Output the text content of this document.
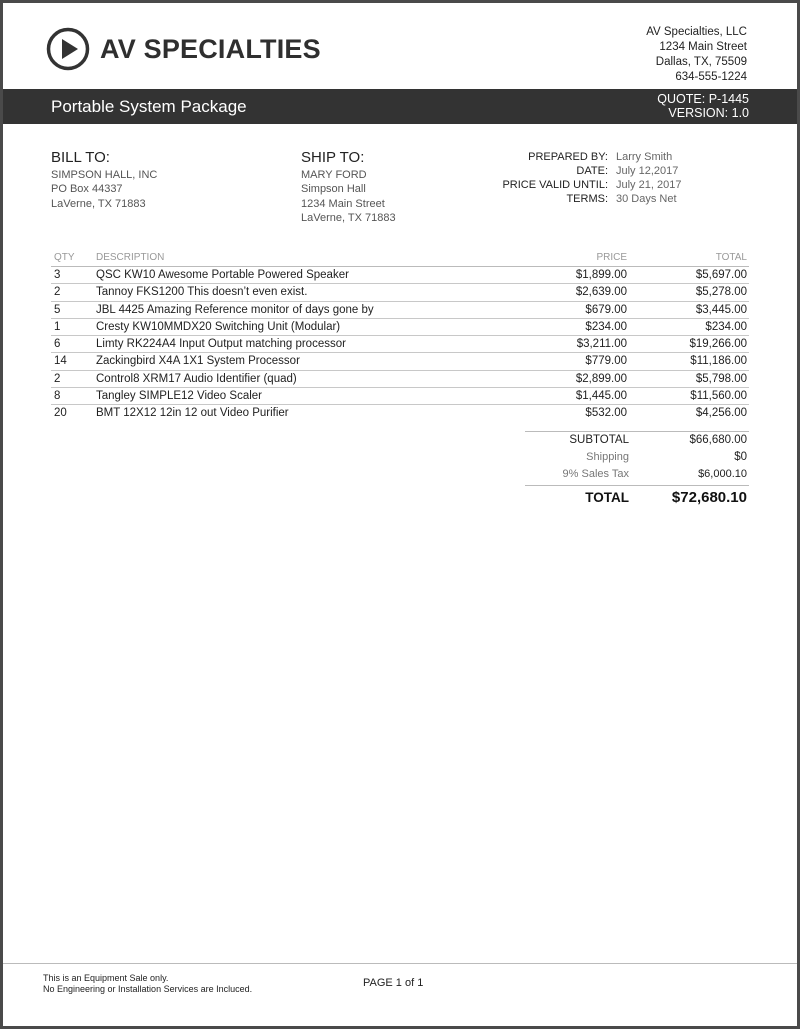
AV SPECIALTIES
AV Specialties, LLC
1234 Main Street
Dallas, TX, 75509
634-555-1224
Portable System Package	QUOTE: P-1445
VERSION: 1.0
BILL TO:
SIMPSON HALL, INC
PO Box 44337
LaVerne, TX 71883
SHIP TO:
MARY FORD
Simpson Hall
1234 Main Street
LaVerne, TX 71883
PREPARED BY: Larry Smith
DATE: July 12,2017
PRICE VALID UNTIL: July 21, 2017
TERMS: 30 Days Net
QTY	DESCRIPTION	PRICE	TOTAL
3	QSC KW10 Awesome Portable Powered Speaker	$1,899.00	$5,697.00
2	Tannoy FKS1200 This doesn’t even exist.	$2,639.00	$5,278.00
5	JBL 4425 Amazing Reference monitor of days gone by	$679.00	$3,445.00
1	Cresty KW10MMDX20 Switching Unit (Modular)	$234.00	$234.00
6	Limty RK224A4 Input Output matching processor	$3,211.00	$19,266.00
14	Zackingbird X4A 1X1 System Processor	$779.00	$11,186.00
2	Control8 XRM17 Audio Identifier (quad)	$2,899.00	$5,798.00
8	Tangley SIMPLE12 Video Scaler	$1,445.00	$11,560.00
20	BMT 12X12 12in 12 out Video Purifier	$532.00	$4,256.00
SUBTOTAL	$66,680.00
Shipping	$0
9% Sales Tax	$6,000.10
TOTAL	$72,680.10
This is an Equipment Sale only.
No Engineering or Installation Services are Incluced.	PAGE 1 of 1
